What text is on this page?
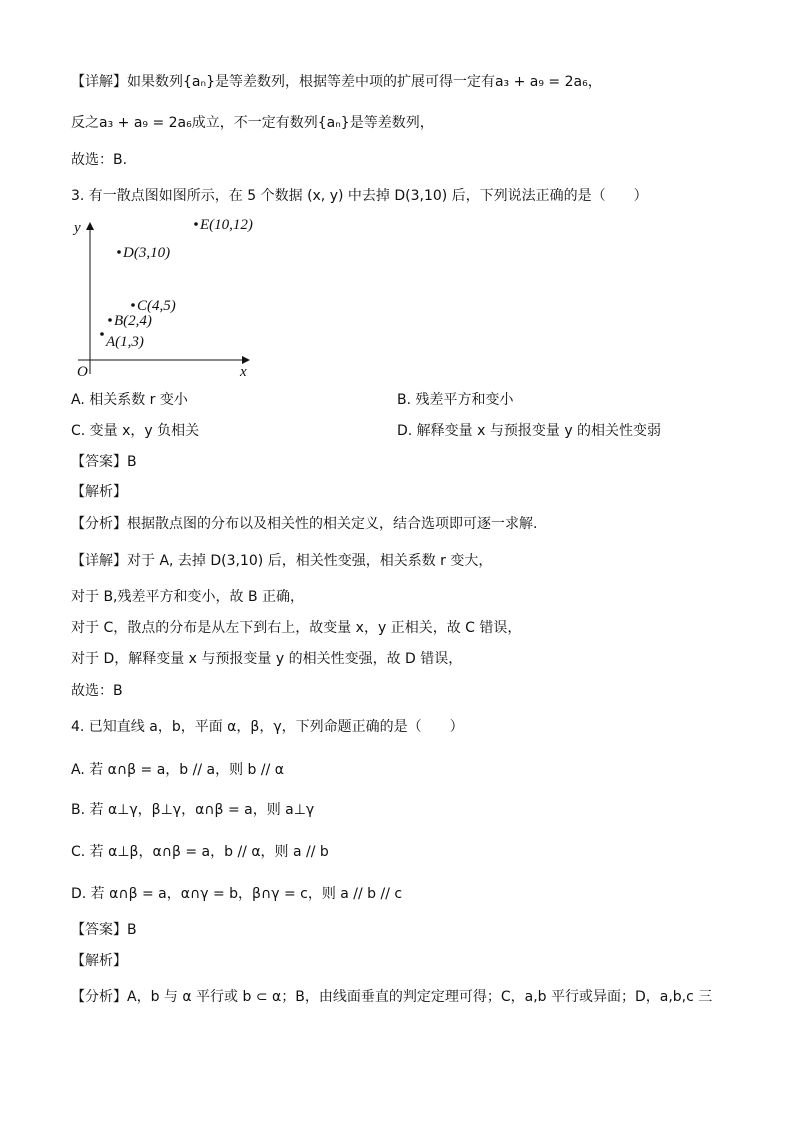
【详解】如果数列{aₙ}是等差数列，根据等差中项的扩展可得一定有a₃ + a₉ = 2a₆，
反之a₃ + a₉ = 2a₆成立，不一定有数列{aₙ}是等差数列，
故选：B.
3. 有一散点图如图所示，在 5 个数据 (x, y) 中去掉 D(3,10) 后，下列说法正确的是（　　）
O	x
y
A(1,3)
B(2,4)
C(4,5)
D(3,10)
E(10,12)
A. 相关系数 r 变小	B. 残差平方和变小
C. 变量 x，y 负相关	D. 解释变量 x 与预报变量 y 的相关性变弱
【答案】B
【解析】
【分析】根据散点图的分布以及相关性的相关定义，结合选项即可逐一求解.
【详解】对于 A, 去掉 D(3,10) 后，相关性变强，相关系数 r 变大，
对于 B,残差平方和变小，故 B 正确，
对于 C，散点的分布是从左下到右上，故变量 x，y 正相关，故 C 错误，
对于 D，解释变量 x 与预报变量 y 的相关性变强，故 D 错误，
故选：B
4. 已知直线 a，b，平面 α，β，γ，下列命题正确的是（　　）
A. 若 α∩β = a，b // a，则 b // α
B. 若 α⊥γ，β⊥γ，α∩β = a，则 a⊥γ
C. 若 α⊥β，α∩β = a，b // α，则 a // b
D. 若 α∩β = a，α∩γ = b，β∩γ = c，则 a // b // c
【答案】B
【解析】
【分析】A，b 与 α 平行或 b ⊂ α；B，由线面垂直的判定定理可得；C，a,b 平行或异面；D，a,b,c 三
